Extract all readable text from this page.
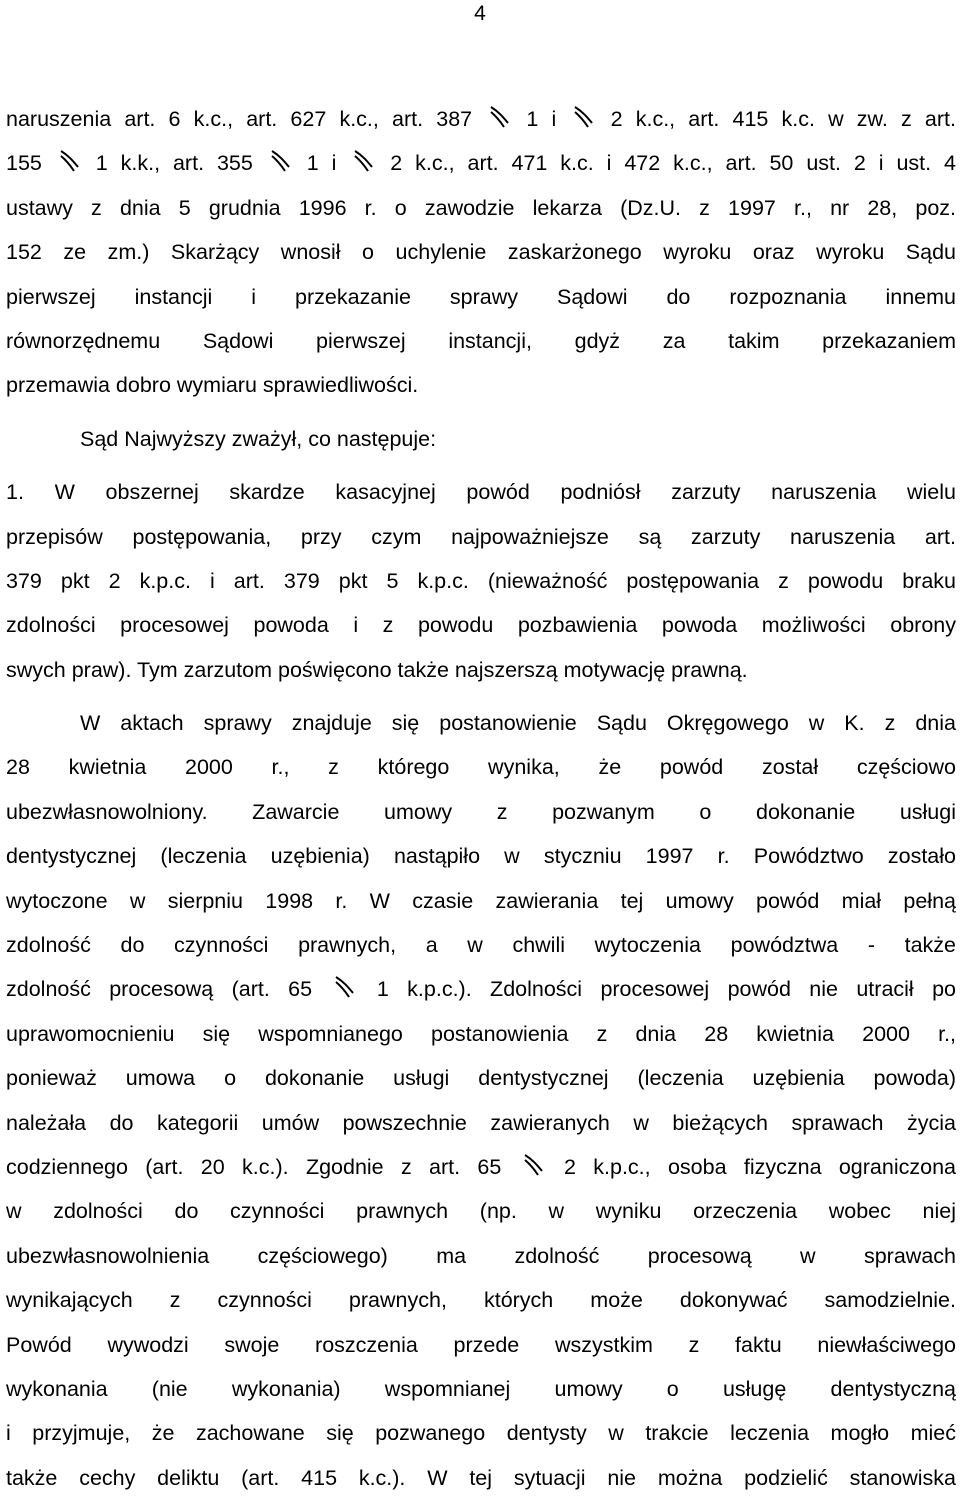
4
naruszenia art. 6 k.c., art. 627 k.c., art. 387	1 i	2 k.c., art. 415 k.c. w zw. z art.
155	1 k.k., art. 355	1 i	2 k.c., art. 471 k.c. i 472 k.c., art. 50 ust. 2 i ust. 4
ustawy z dnia 5 grudnia 1996 r. o zawodzie lekarza (Dz.U. z 1997 r., nr 28, poz.
152 ze zm.) Skarżący wnosił o uchylenie zaskarżonego wyroku oraz wyroku Sądu
pierwszej instancji i przekazanie sprawy Sądowi do rozpoznania innemu
równorzędnemu Sądowi pierwszej instancji, gdyż za takim przekazaniem
przemawia dobro wymiaru sprawiedliwości.
Sąd Najwyższy zważył, co następuje:
1. W obszernej skardze kasacyjnej powód podniósł zarzuty naruszenia wielu
przepisów postępowania, przy czym najpoważniejsze są zarzuty naruszenia art.
379 pkt 2 k.p.c. i art. 379 pkt 5 k.p.c. (nieważność postępowania z powodu braku
zdolności procesowej powoda i z powodu pozbawienia powoda możliwości obrony
swych praw). Tym zarzutom poświęcono także najszerszą motywację prawną.
W aktach sprawy znajduje się postanowienie Sądu Okręgowego w K. z dnia
28 kwietnia 2000 r., z którego wynika, że powód został częściowo
ubezwłasnowolniony. Zawarcie umowy z pozwanym o dokonanie usługi
dentystycznej (leczenia uzębienia) nastąpiło w styczniu 1997 r. Powództwo zostało
wytoczone w sierpniu 1998 r. W czasie zawierania tej umowy powód miał pełną
zdolność do czynności prawnych, a w chwili wytoczenia powództwa - także
zdolność procesową (art. 65	1 k.p.c.). Zdolności procesowej powód nie utracił po
uprawomocnieniu się wspomnianego postanowienia z dnia 28 kwietnia 2000 r.,
ponieważ umowa o dokonanie usługi dentystycznej (leczenia uzębienia powoda)
należała do kategorii umów powszechnie zawieranych w bieżących sprawach życia
codziennego (art. 20 k.c.). Zgodnie z art. 65	2 k.p.c., osoba fizyczna ograniczona
w zdolności do czynności prawnych (np. w wyniku orzeczenia wobec niej
ubezwłasnowolnienia częściowego) ma zdolność procesową w sprawach
wynikających z czynności prawnych, których może dokonywać samodzielnie.
Powód wywodzi swoje roszczenia przede wszystkim z faktu niewłaściwego
wykonania (nie wykonania) wspomnianej umowy o usługę dentystyczną
i przyjmuje, że zachowane się pozwanego dentysty w trakcie leczenia mogło mieć
także cechy deliktu (art. 415 k.c.). W tej sytuacji nie można podzielić stanowiska
